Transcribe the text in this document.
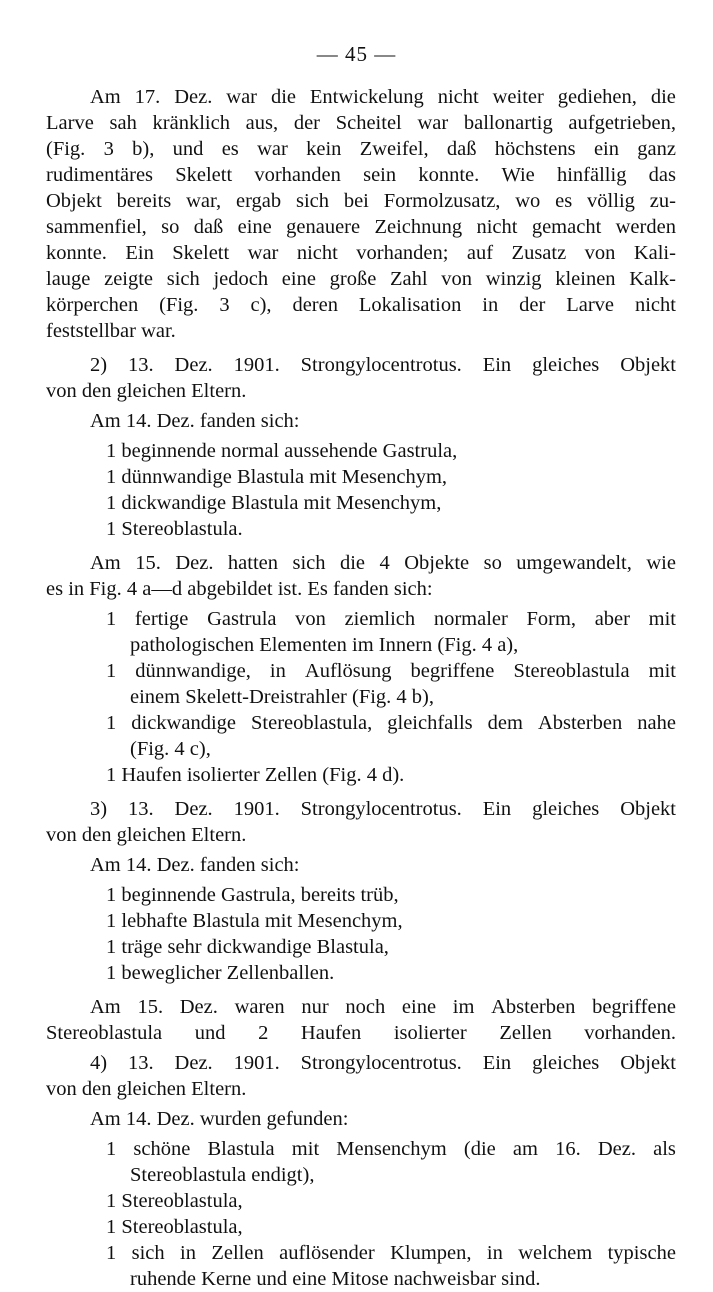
— 45 —
Am 17. Dez. war die Entwickelung nicht weiter gediehen, die
Larve sah kränklich aus, der Scheitel war ballonartig aufgetrieben,
(Fig. 3 b), und es war kein Zweifel, daß höchstens ein ganz
rudimentäres Skelett vorhanden sein konnte. Wie hinfällig das
Objekt bereits war, ergab sich bei Formolzusatz, wo es völlig zu-
sammenfiel, so daß eine genauere Zeichnung nicht gemacht werden
konnte. Ein Skelett war nicht vorhanden; auf Zusatz von Kali-
lauge zeigte sich jedoch eine große Zahl von winzig kleinen Kalk-
körperchen (Fig. 3 c), deren Lokalisation in der Larve nicht
feststellbar war.
2) 13. Dez. 1901. Strongylocentrotus. Ein gleiches Objekt
von den gleichen Eltern.
Am 14. Dez. fanden sich:
1 beginnende normal aussehende Gastrula,
1 dünnwandige Blastula mit Mesenchym,
1 dickwandige Blastula mit Mesenchym,
1 Stereoblastula.
Am 15. Dez. hatten sich die 4 Objekte so umgewandelt, wie
es in Fig. 4 a—d abgebildet ist. Es fanden sich:
1 fertige Gastrula von ziemlich normaler Form, aber mit
pathologischen Elementen im Innern (Fig. 4 a),
1 dünnwandige, in Auflösung begriffene Stereoblastula mit
einem Skelett-Dreistrahler (Fig. 4 b),
1 dickwandige Stereoblastula, gleichfalls dem Absterben nahe
(Fig. 4 c),
1 Haufen isolierter Zellen (Fig. 4 d).
3) 13. Dez. 1901. Strongylocentrotus. Ein gleiches Objekt
von den gleichen Eltern.
Am 14. Dez. fanden sich:
1 beginnende Gastrula, bereits trüb,
1 lebhafte Blastula mit Mesenchym,
1 träge sehr dickwandige Blastula,
1 beweglicher Zellenballen.
Am 15. Dez. waren nur noch eine im Absterben begriffene
Stereoblastula und 2 Haufen isolierter Zellen vorhanden.
4) 13. Dez. 1901. Strongylocentrotus. Ein gleiches Objekt
von den gleichen Eltern.
Am 14. Dez. wurden gefunden:
1 schöne Blastula mit Mensenchym (die am 16. Dez. als
Stereoblastula endigt),
1 Stereoblastula,
1 Stereoblastula,
1 sich in Zellen auflösender Klumpen, in welchem typische
ruhende Kerne und eine Mitose nachweisbar sind.
